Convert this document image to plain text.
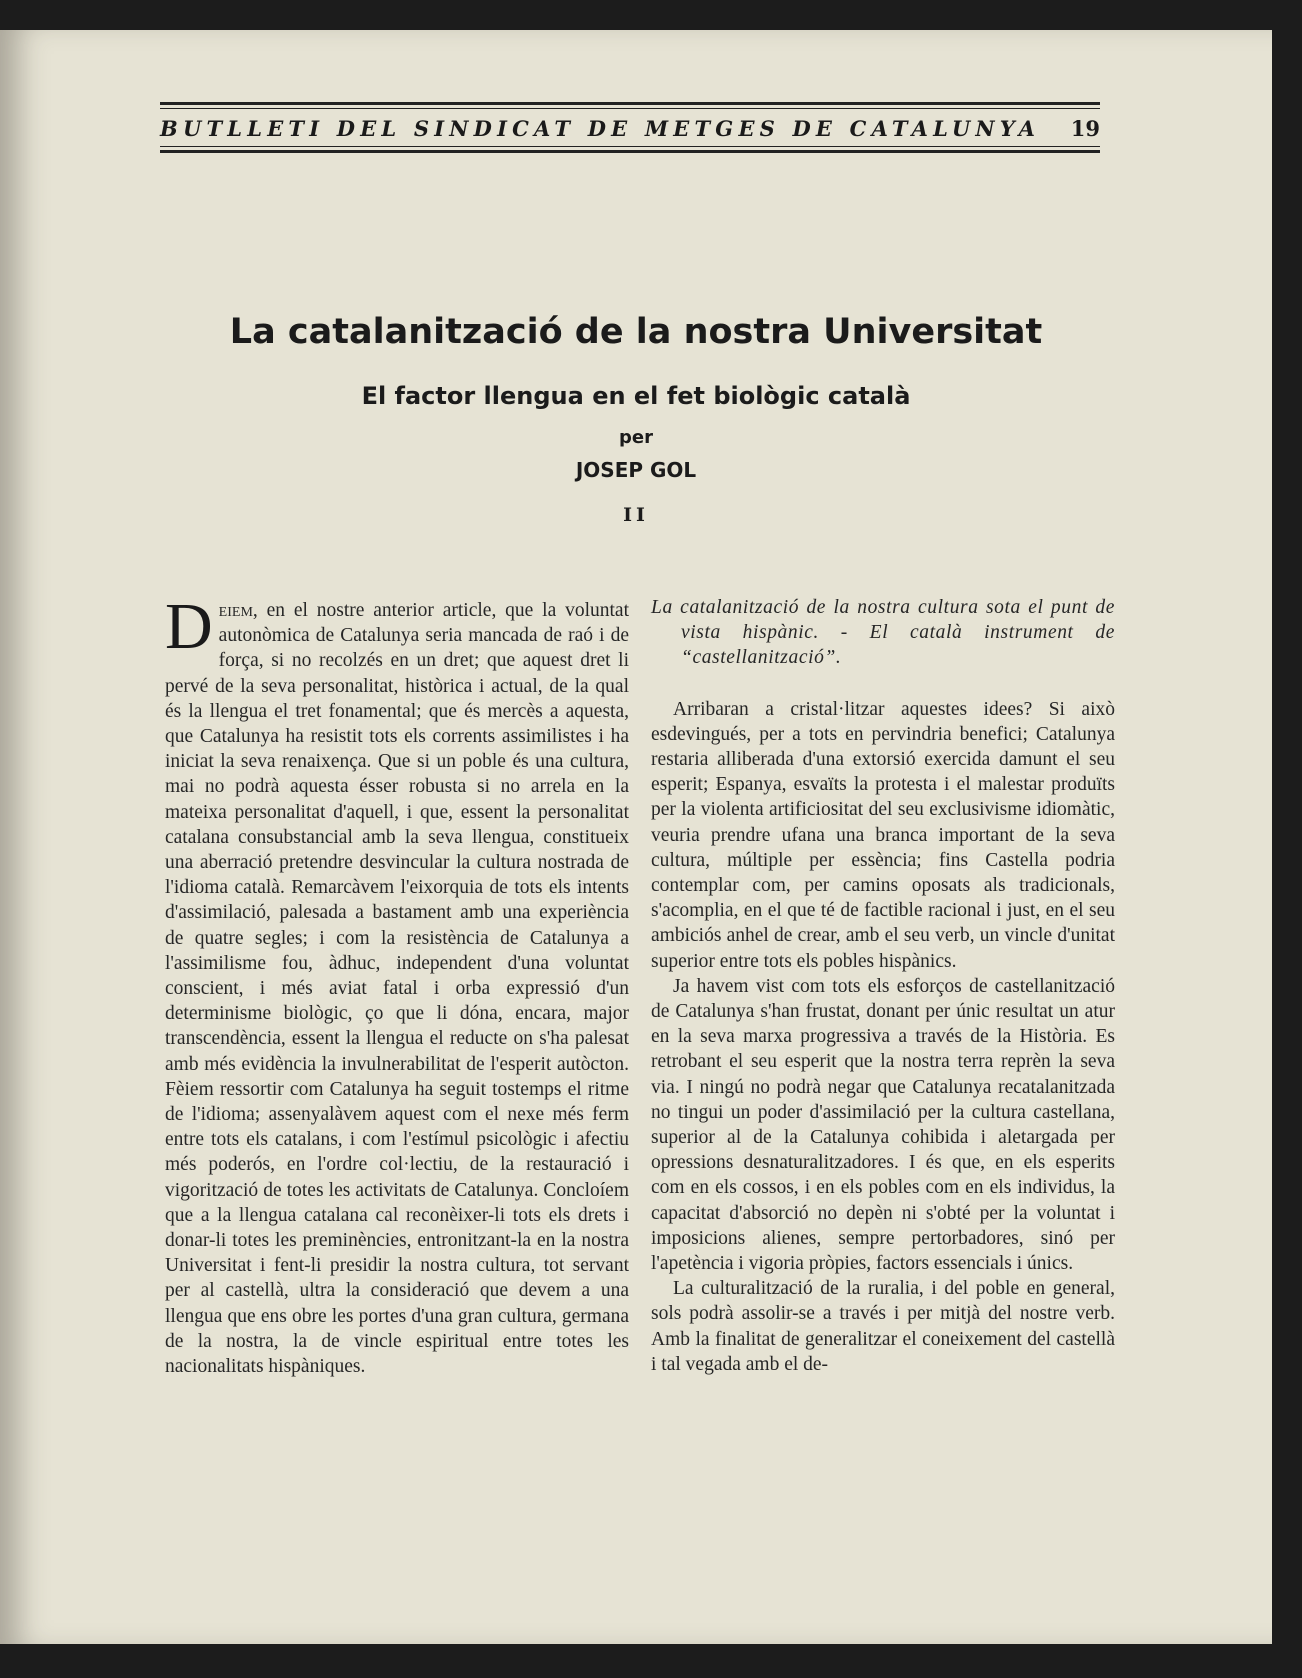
BUTLLETI DEL SINDICAT DE METGES DE CATALUNYA	19
La catalanització de la nostra Universitat
El factor llengua en el fet biològic català
per
JOSEP GOL
II

Deiem, en el nostre anterior article, que la voluntat autonòmica de Catalunya seria mancada de raó i de força, si no recolzés en un dret; que aquest dret li pervé de la seva personalitat, històrica i actual, de la qual és la llengua el tret fonamental; que és mercès a aquesta, que Catalunya ha resistit tots els corrents assimilistes i ha iniciat la seva renaixença. Que si un poble és una cultura, mai no podrà aquesta ésser robusta si no arrela en la mateixa personalitat d'aquell, i que, essent la personalitat catalana consubstancial amb la seva llengua, constitueix una aberració pretendre desvincular la cultura nostrada de l'idioma català. Remarcàvem l'eixorquia de tots els intents d'assimilació, palesada a bastament amb una experiència de quatre segles; i com la resistència de Catalunya a l'assimilisme fou, àdhuc, independent d'una voluntat conscient, i més aviat fatal i orba expressió d'un determinisme biològic, ço que li dóna, encara, major transcendència, essent la llengua el reducte on s'ha palesat amb més evidència la invulnerabilitat de l'esperit autòcton. Fèiem ressortir com Catalunya ha seguit tostemps el ritme de l'idioma; assenyalàvem aquest com el nexe més ferm entre tots els catalans, i com l'estímul psicològic i afectiu més poderós, en l'ordre col·lectiu, de la restauració i vigorització de totes les activitats de Catalunya. Concloíem que a la llengua catalana cal reconèixer-li tots els drets i donar-li totes les preminències, entronitzant-la en la nostra Universitat i fent-li presidir la nostra cultura, tot servant per al castellà, ultra la consideració que devem a una llengua que ens obre les portes d'una gran cultura, germana de la nostra, la de vincle espiritual entre totes les nacionalitats hispàniques.

La catalanització de la nostra cultura sota el punt de vista hispànic. - El català instrument de “castellanització”.

Arribaran a cristal·litzar aquestes idees? Si això esdevingués, per a tots en pervindria benefici; Catalunya restaria alliberada d'una extorsió exercida damunt el seu esperit; Espanya, esvaïts la protesta i el malestar produïts per la violenta artificiositat del seu exclusivisme idiomàtic, veuria prendre ufana una branca important de la seva cultura, múltiple per essència; fins Castella podria contemplar com, per camins oposats als tradicionals, s'acomplia, en el que té de factible racional i just, en el seu ambiciós anhel de crear, amb el seu verb, un vincle d'unitat superior entre tots els pobles hispànics.

Ja havem vist com tots els esforços de castellanització de Catalunya s'han frustat, donant per únic resultat un atur en la seva marxa progressiva a través de la Història. Es retrobant el seu esperit que la nostra terra reprèn la seva via. I ningú no podrà negar que Catalunya recatalanitzada no tingui un poder d'assimilació per la cultura castellana, superior al de la Catalunya cohibida i aletargada per opressions desnaturalitzadores. I és que, en els esperits com en els cossos, i en els pobles com en els individus, la capacitat d'absorció no depèn ni s'obté per la voluntat i imposicions alienes, sempre pertorbadores, sinó per l'apetència i vigoria pròpies, factors essencials i únics.

La culturalització de la ruralia, i del poble en general, sols podrà assolir-se a través i per mitjà del nostre verb. Amb la finalitat de generalitzar el coneixement del castellà i tal vegada amb el de-
